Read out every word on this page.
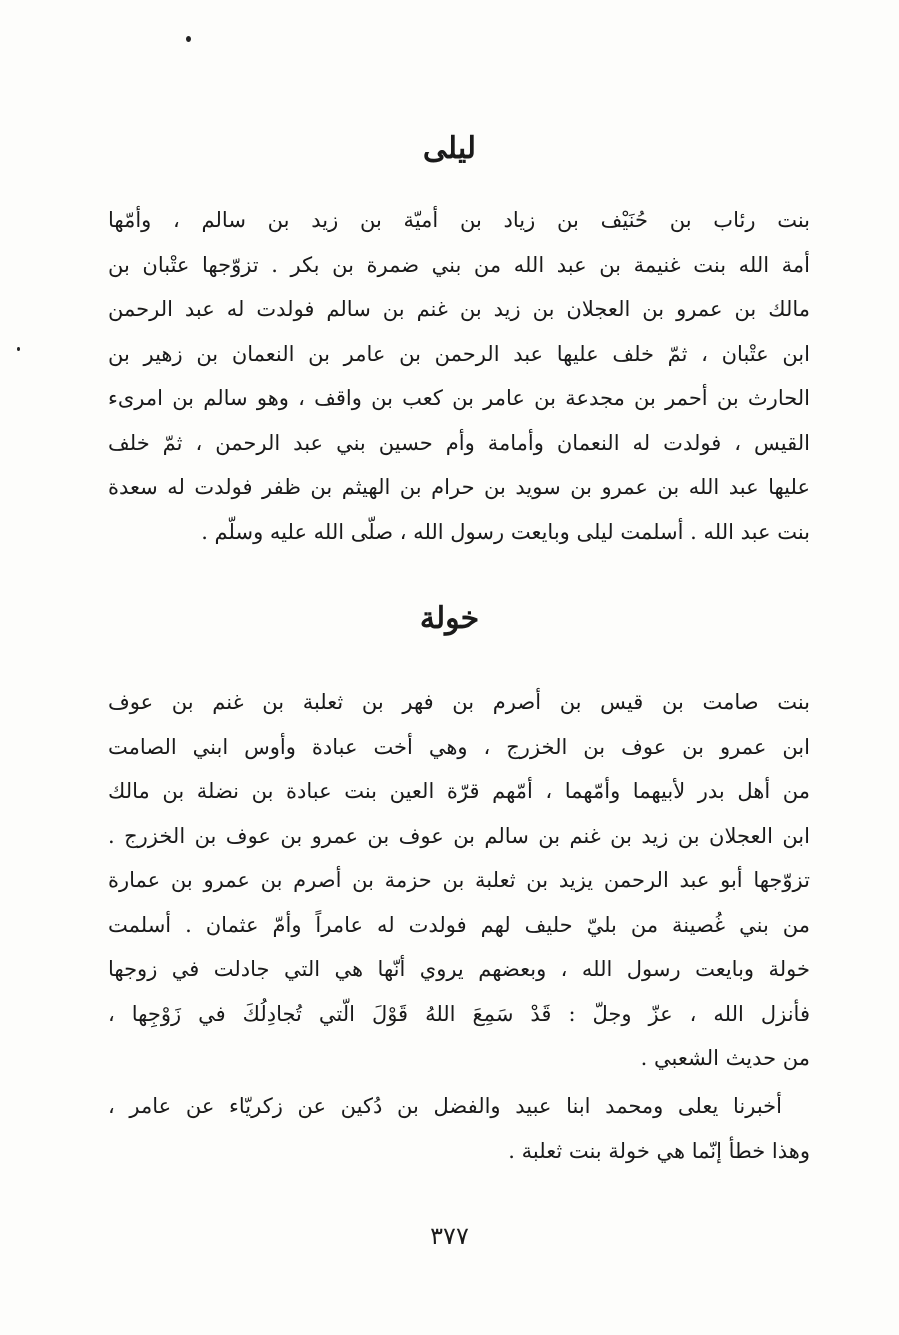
ليلى
بنت رئاب بن حُنَيْف بن زياد بن أميّة بن زيد بن سالم ، وأمّها
أمة الله بنت غنيمة بن عبد الله من بني ضمرة بن بكر . تزوّجها عتْبان بن
مالك بن عمرو بن العجلان بن زيد بن غنم بن سالم فولدت له عبد الرحمن
ابن عتْبان ، ثمّ خلف عليها عبد الرحمن بن عامر بن النعمان بن زهير بن
الحارث بن أحمر بن مجدعة بن عامر بن كعب بن واقف ، وهو سالم بن امرىء
القيس ، فولدت له النعمان وأمامة وأم حسين بني عبد الرحمن ، ثمّ خلف
عليها عبد الله بن عمرو بن سويد بن حرام بن الهيثم بن ظفر فولدت له سعدة
بنت عبد الله . أسلمت ليلى وبايعت رسول الله ، صلّى الله عليه وسلّم .
خولة
بنت صامت بن قيس بن أصرم بن فهر بن ثعلبة بن غنم بن عوف
ابن عمرو بن عوف بن الخزرج ، وهي أخت عبادة وأوس ابني الصامت
من أهل بدر لأبيهما وأمّهما ، أمّهم قرّة العين بنت عبادة بن نضلة بن مالك
ابن العجلان بن زيد بن غنم بن سالم بن عوف بن عمرو بن عوف بن الخزرج .
تزوّجها أبو عبد الرحمن يزيد بن ثعلبة بن حزمة بن أصرم بن عمرو بن عمارة
من بني غُصينة من بليّ حليف لهم فولدت له عامراً وأمّ عثمان . أسلمت
خولة وبايعت رسول الله ، وبعضهم يروي أنّها هي التي جادلت في زوجها
فأنزل الله ، عزّ وجلّ : قَدْ سَمِعَ اللهُ قَوْلَ الّتي تُجادِلُكَ في زَوْجِها ،
من حديث الشعبي .
أخبرنا يعلى ومحمد ابنا عبيد والفضل بن دُكين عن زكريّاء عن عامر ،
وهذا خطأ إنّما هي خولة بنت ثعلبة .
٣٧٧
